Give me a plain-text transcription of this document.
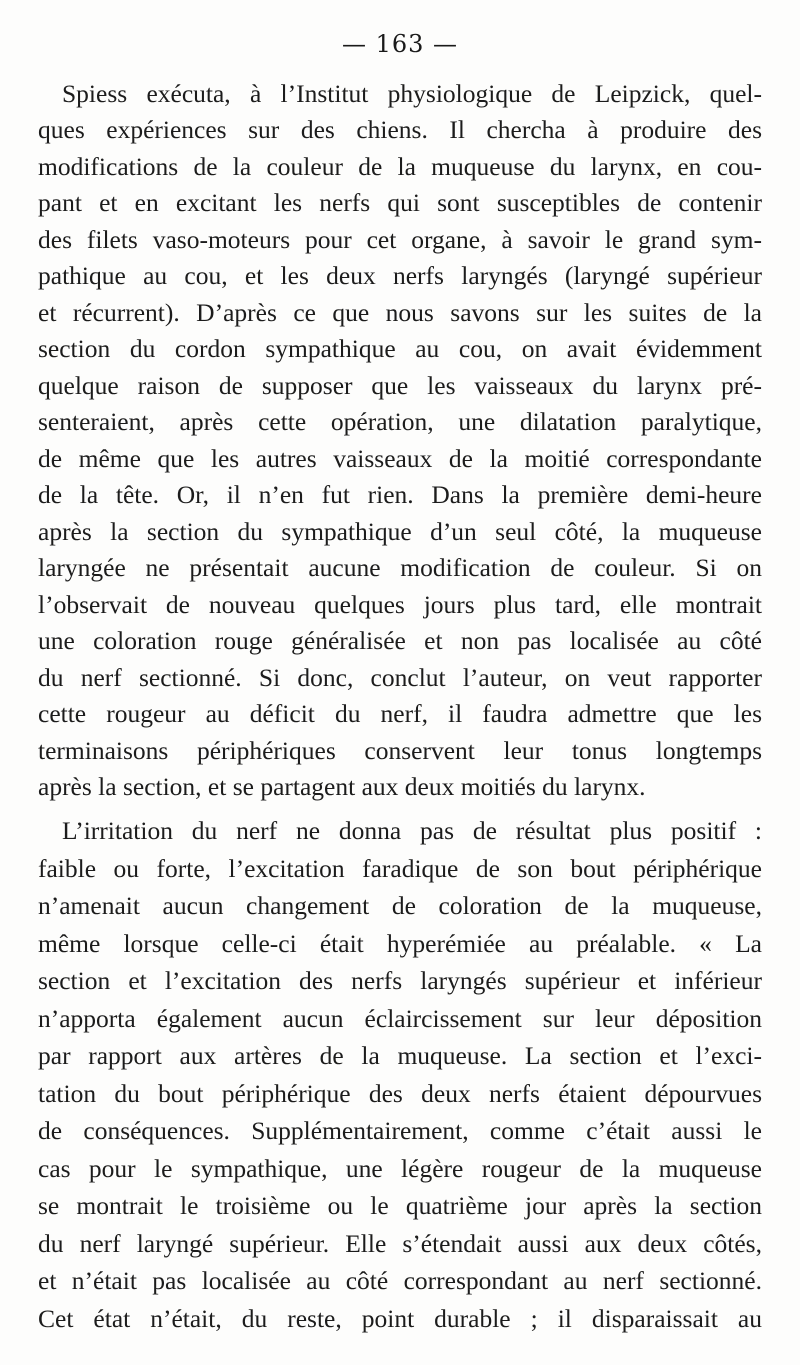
— 163 —
Spiess exécuta, à l’Institut physiologique de Leipzick, quel-
ques expériences sur des chiens. Il chercha à produire des
modifications de la couleur de la muqueuse du larynx, en cou-
pant et en excitant les nerfs qui sont susceptibles de contenir
des filets vaso-moteurs pour cet organe, à savoir le grand sym-
pathique au cou, et les deux nerfs laryngés (laryngé supérieur
et récurrent). D’après ce que nous savons sur les suites de la
section du cordon sympathique au cou, on avait évidemment
quelque raison de supposer que les vaisseaux du larynx pré-
senteraient, après cette opération, une dilatation paralytique,
de même que les autres vaisseaux de la moitié correspondante
de la tête. Or, il n’en fut rien. Dans la première demi-heure
après la section du sympathique d’un seul côté, la muqueuse
laryngée ne présentait aucune modification de couleur. Si on
l’observait de nouveau quelques jours plus tard, elle montrait
une coloration rouge généralisée et non pas localisée au côté
du nerf sectionné. Si donc, conclut l’auteur, on veut rapporter
cette rougeur au déficit du nerf, il faudra admettre que les
terminaisons périphériques conservent leur tonus longtemps
après la section, et se partagent aux deux moitiés du larynx.
L’irritation du nerf ne donna pas de résultat plus positif :
faible ou forte, l’excitation faradique de son bout périphérique
n’amenait aucun changement de coloration de la muqueuse,
même lorsque celle-ci était hyperémiée au préalable. « La
section et l’excitation des nerfs laryngés supérieur et inférieur
n’apporta également aucun éclaircissement sur leur déposition
par rapport aux artères de la muqueuse. La section et l’exci-
tation du bout périphérique des deux nerfs étaient dépourvues
de conséquences. Supplémentairement, comme c’était aussi le
cas pour le sympathique, une légère rougeur de la muqueuse
se montrait le troisième ou le quatrième jour après la section
du nerf laryngé supérieur. Elle s’étendait aussi aux deux côtés,
et n’était pas localisée au côté correspondant au nerf sectionné.
Cet état n’était, du reste, point durable ; il disparaissait au
